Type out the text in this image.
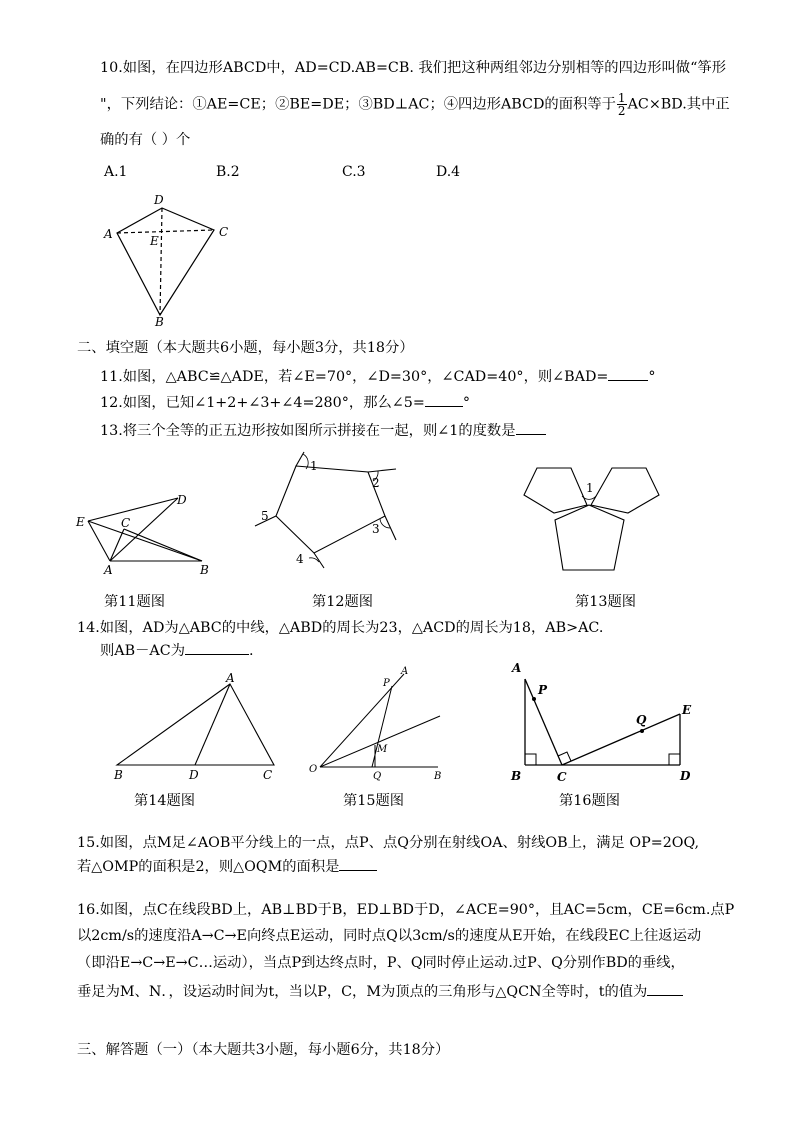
10.如图，在四边形ABCD中，AD=CD.AB=CB. 我们把这种两组邻边分别相等的四边形叫做“筝形
"，下列结论：①AE=CE；②BE=DE；③BD⊥AC；④四边形ABCD的面积等于 $\frac{1}{2} AC\times BD$.其中正
确的有（ ）个
A.1	B.2	C.3	D.4
D
A	C
E
B
二、填空题（本大题共6小题，每小题3分，共18分）
11.如图，△ABC≌△ADE，若∠E=70°，∠D=30°，∠CAD=40°，则∠BAD=	°
12.如图，已知∠1+2+∠3+∠4=280°，那么∠5=	°
13.将三个全等的正五边形按如图所示拼接在一起，则∠1的度数是
A	B
C
D
E
1
2
3
4
5
1
第11题图	第12题图	第13题图
14.如图，AD为△ABC的中线，△ABD的周长为23，△ACD的周长为18，AB>AC.
则AB－AC为	.
A
B	D	C	O
A
P
M
Q	B
A
P
Q
E
B	C	D
第14题图	第15题图	第16题图
15.如图，点M足∠AOB平分线上的一点，点P、点Q分别在射线OA、射线OB上，满足 OP=2OQ,
若△OMP的面积是2，则△OQM的面积是
16.如图，点C在线段BD上，AB⊥BD于B，ED⊥BD于D，∠ACE=90°，且AC=5cm，CE=6cm.点P
以2cm/s的速度沿A→C→E向终点E运动，同时点Q以3cm/s的速度从E开始，在线段EC上往返运动
（即沿E→C→E→C…运动），当点P到达终点时，P、Q同时停止运动.过P、Q分别作BD的垂线，
垂足为M、N．，设运动时间为t，当以P，C，M为顶点的三角形与△QCN全等时，t的值为
三、解答题（一）（本大题共3小题，每小题6分，共18分）
